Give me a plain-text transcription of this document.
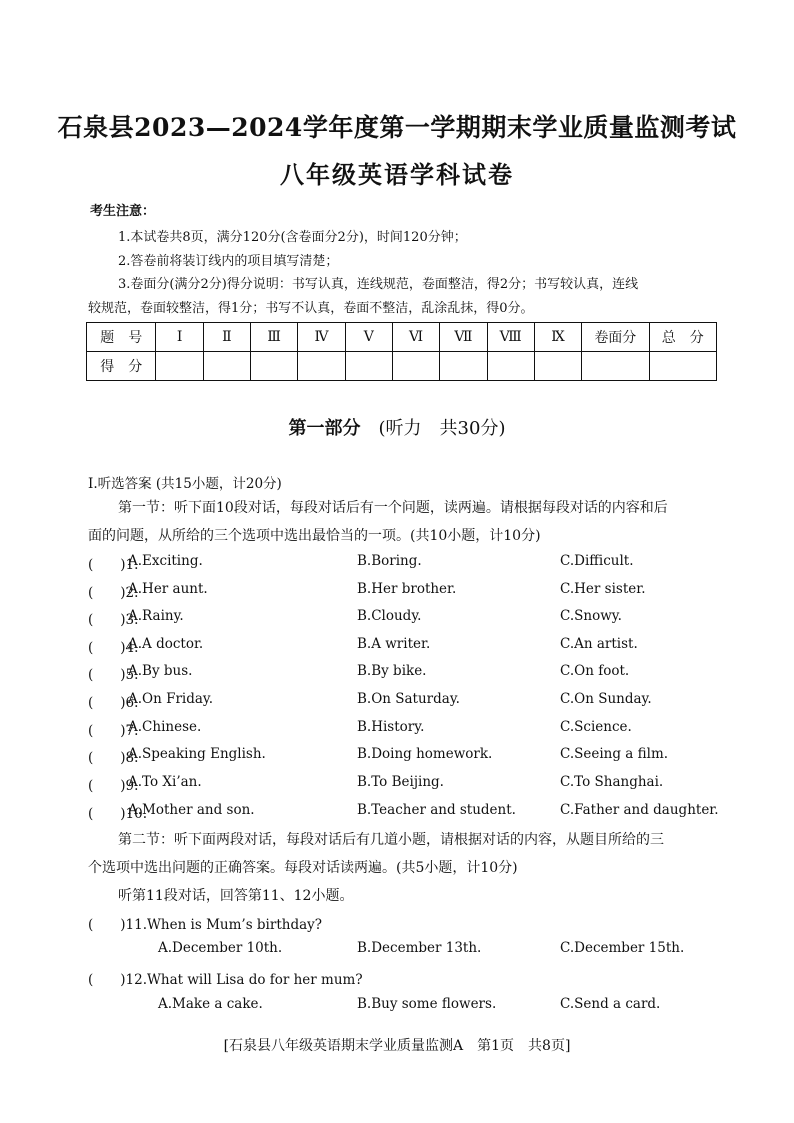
石泉县2023—2024学年度第一学期期末学业质量监测考试
八年级英语学科试卷
考生注意：
1.本试卷共8页，满分120分(含卷面分2分)，时间120分钟；
2.答卷前将装订线内的项目填写清楚；
3.卷面分(满分2分)得分说明：书写认真，连线规范，卷面整洁，得2分；书写较认真，连线
较规范，卷面较整洁，得1分；书写不认真，卷面不整洁，乱涂乱抹，得0分。
题　号	Ⅰ	Ⅱ	Ⅲ	Ⅳ	Ⅴ	Ⅵ	Ⅶ	Ⅷ	Ⅸ	卷面分	总　分
得　分											
第一部分 (听力　共30分)
Ⅰ.听选答案 (共15小题，计20分)
第一节：听下面10段对话，每段对话后有一个问题，读两遍。请根据每段对话的内容和后
面的问题，从所给的三个选项中选出最恰当的一项。(共10小题，计10分)
(　　)1.
A.Exciting.	B.Boring.	C.Difficult.
(　　)2.
A.Her aunt.	B.Her brother.	C.Her sister.
(　　)3.
A.Rainy.	B.Cloudy.	C.Snowy.
(　　)4.
A.A doctor.	B.A writer.	C.An artist.
(　　)5.
A.By bus.	B.By bike.	C.On foot.
(　　)6.
A.On Friday.	B.On Saturday.	C.On Sunday.
(　　)7.
A.Chinese.	B.History.	C.Science.
(　　)8.
A.Speaking English.	B.Doing homework.	C.Seeing a film.
(　　)9.
A.To Xi’an.	B.To Beijing.	C.To Shanghai.
(　　)10.
A.Mother and son.	B.Teacher and student.	C.Father and daughter.
第二节：听下面两段对话，每段对话后有几道小题，请根据对话的内容，从题目所给的三
个选项中选出问题的正确答案。每段对话读两遍。(共5小题，计10分)
听第11段对话，回答第11、12小题。
(　　)11.When is Mum’s birthday?
A.December 10th.	B.December 13th.	C.December 15th.
(　　)12.What will Lisa do for her mum?
A.Make a cake.	B.Buy some flowers.	C.Send a card.
[石泉县八年级英语期末学业质量监测A　第1页　共8页]
